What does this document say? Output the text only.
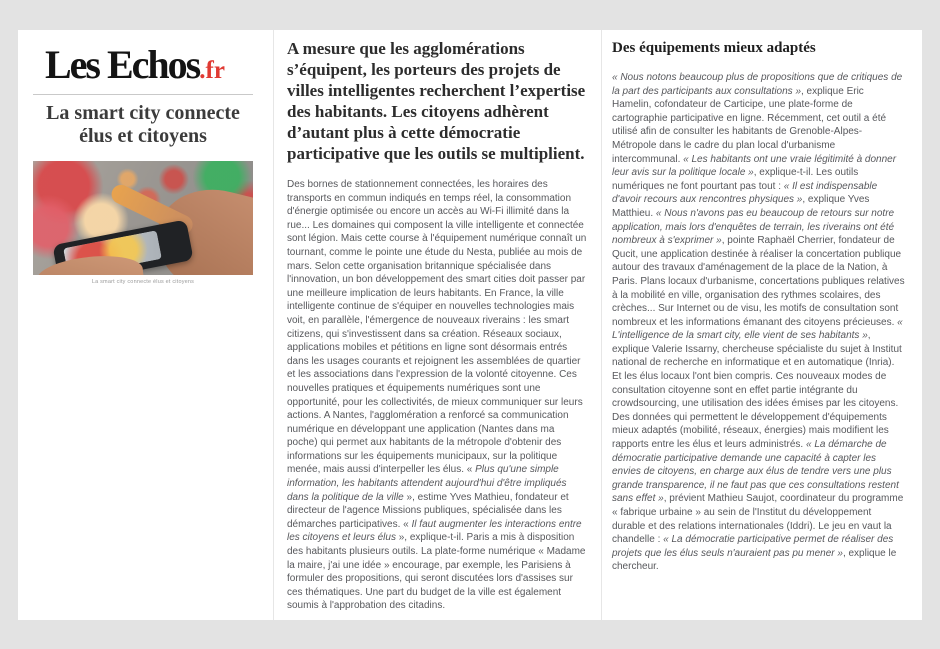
Les Echos.fr
La smart city connecte élus et citoyens
La smart city connecte élus et citoyens

A mesure que les agglomérations s’équipent, les porteurs des projets de villes intelligentes recherchent l’expertise des habitants. Les citoyens adhèrent d’autant plus à cette démocratie participative que les outils se multiplient.

Des bornes de stationnement connectées, les horaires des transports en commun indiqués en temps réel, la consommation d'énergie optimisée ou encore un accès au Wi-Fi illimité dans la rue... Les domaines qui composent la ville intelligente et connectée sont légion. Mais cette course à l'équipement numérique connaît un tournant, comme le pointe une étude du Nesta, publiée au mois de mars. Selon cette organisation britannique spécialisée dans l'innovation, un bon développement des smart cities doit passer par une meilleure implication de leurs habitants. En France, la ville intelligente continue de s'équiper en nouvelles technologies mais voit, en parallèle, l'émergence de nouveaux riverains : les smart citizens, qui s'investissent dans sa création. Réseaux sociaux, applications mobiles et pétitions en ligne sont désormais entrés dans les usages courants et rejoignent les assemblées de quartier et les associations dans l'expression de la volonté citoyenne. Ces nouvelles pratiques et équipements numériques sont une opportunité, pour les collectivités, de mieux communiquer sur leurs actions. A Nantes, l'agglomération a renforcé sa communication numérique en développant une application (Nantes dans ma poche) qui permet aux habitants de la métropole d'obtenir des informations sur les équipements municipaux, sur la politique menée, mais aussi d'interpeller les élus. « Plus qu'une simple information, les habitants attendent aujourd'hui d'être impliqués dans la politique de la ville », estime Yves Mathieu, fondateur et directeur de l'agence Missions publiques, spécialisée dans les démarches participatives. « Il faut augmenter les interactions entre les citoyens et leurs élus », explique-t-il. Paris a mis à disposition des habitants plusieurs outils. La plate-forme numérique « Madame la maire, j'ai une idée » encourage, par exemple, les Parisiens à formuler des propositions, qui seront discutées lors d'assises sur ces thématiques. Une part du budget de la ville est également soumis à l'approbation des citadins.

Des équipements mieux adaptés

« Nous notons beaucoup plus de propositions que de critiques de la part des participants aux consultations », explique Eric Hamelin, cofondateur de Carticipe, une plate-forme de cartographie participative en ligne. Récemment, cet outil a été utilisé afin de consulter les habitants de Grenoble-Alpes-Métropole dans le cadre du plan local d'urbanisme intercommunal. « Les habitants ont une vraie légitimité à donner leur avis sur la politique locale », explique-t-il. Les outils numériques ne font pourtant pas tout : « Il est indispensable d'avoir recours aux rencontres physiques », explique Yves Matthieu. « Nous n'avons pas eu beaucoup de retours sur notre application, mais lors d'enquêtes de terrain, les riverains ont été nombreux à s'exprimer », pointe Raphaël Cherrier, fondateur de Qucit, une application destinée à réaliser la concertation publique autour des travaux d'aménagement de la place de la Nation, à Paris. Plans locaux d'urbanisme, concertations publiques relatives à la mobilité en ville, organisation des rythmes scolaires, des crèches... Sur Internet ou de visu, les motifs de consultation sont nombreux et les informations émanant des citoyens précieuses. « L'intelligence de la smart city, elle vient de ses habitants », explique Valerie Issarny, chercheuse spécialiste du sujet à Institut national de recherche en informatique et en automatique (Inria). Et les élus locaux l'ont bien compris. Ces nouveaux modes de consultation citoyenne sont en effet partie intégrante du crowdsourcing, une utilisation des idées émises par les citoyens. Des données qui permettent le développement d'équipements mieux adaptés (mobilité, réseaux, énergies) mais modifient les rapports entre les élus et leurs administrés. « La démarche de démocratie participative demande une capacité à capter les envies de citoyens, en charge aux élus de tendre vers une plus grande transparence, il ne faut pas que ces consultations restent sans effet », prévient Mathieu Saujot, coordinateur du programme « fabrique urbaine » au sein de l'Institut du développement durable et des relations internationales (Iddri). Le jeu en vaut la chandelle : « La démocratie participative permet de réaliser des projets que les élus seuls n'auraient pas pu mener », explique le chercheur.
